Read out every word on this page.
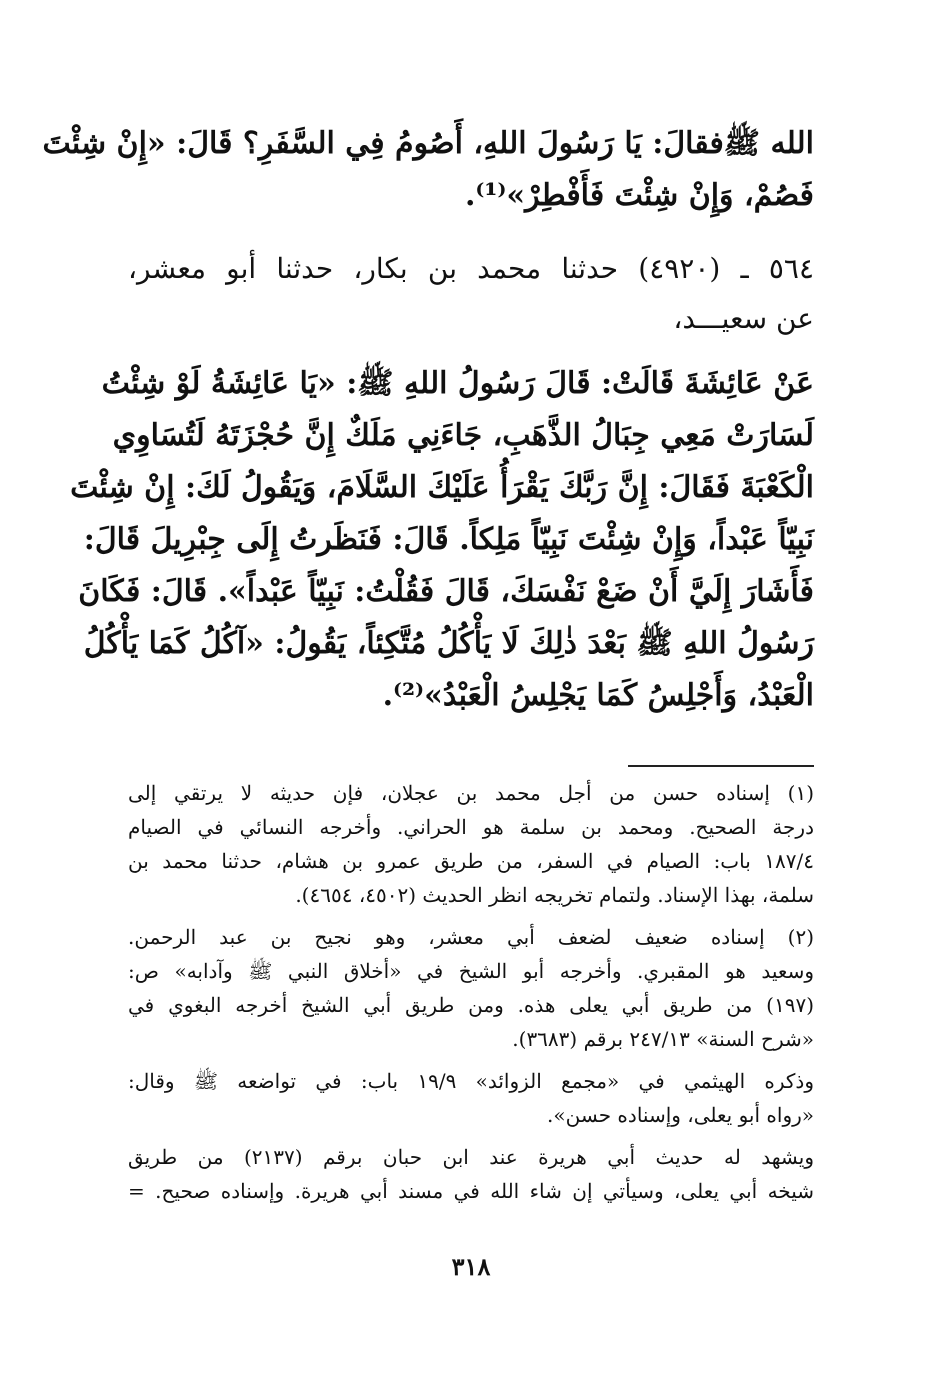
الله ﷺفقالَ: يَا رَسُولَ اللهِ، أَصُومُ فِي السَّفَرِ؟ قَالَ: «إِنْ شِئْتَ
فَصُمْ، وَإِنْ شِئْتَ فَأَفْطِرْ»⁽¹⁾.
٥٦٤ ـ (٤٩٢٠) حدثنا محمد بن بكار، حدثنا أبو معشر،
عن سعيـــد،
عَنْ عَائِشَةَ قَالَتْ: قَالَ رَسُولُ اللهِ ﷺ: «يَا عَائِشَةُ لَوْ شِئْتُ
لَسَارَتْ مَعِي جِبَالُ الذَّهَبِ، جَاءَنِي مَلَكٌ إِنَّ حُجْزَتَهُ لَتُسَاوِي
الْكَعْبَةَ فَقَالَ: إِنَّ رَبَّكَ يَقْرَأُ عَلَيْكَ السَّلَامَ، وَيَقُولُ لَكَ: إِنْ شِئْتَ
نَبِيّاً عَبْداً، وَإِنْ شِئْتَ نَبِيّاً مَلِكاً. قَالَ: فَنَظَرتُ إِلَى جِبْرِيلَ قَالَ:
فَأَشَارَ إِلَيَّ أَنْ ضَعْ نَفْسَكَ، قَالَ فَقُلْتُ: نَبِيّاً عَبْداً». قَالَ: فَكَانَ
رَسُولُ اللهِ ﷺ بَعْدَ ذٰلِكَ لَا يَأْكُلُ مُتَّكِئاً، يَقُولُ: «آكُلُ كَمَا يَأْكُلُ
الْعَبْدُ، وَأَجْلِسُ كَمَا يَجْلِسُ الْعَبْدُ»⁽²⁾.
(١) إسناده حسن من أجل محمد بن عجلان، فإن حديثه لا يرتقي إلى
درجة الصحيح. ومحمد بن سلمة هو الحراني. وأخرجه النسائي في الصيام
١٨٧/٤ باب: الصيام في السفر، من طريق عمرو بن هشام، حدثنا محمد بن
سلمة، بهذا الإسناد. ولتمام تخريجه انظر الحديث (٤٥٠٢، ٤٦٥٤).
(٢) إسناده ضعيف لضعف أبي معشر، وهو نجيح بن عبد الرحمن.
وسعيد هو المقبري. وأخرجه أبو الشيخ في «أخلاق النبي ﷺ وآدابه» ص:
(١٩٧) من طريق أبي يعلى هذه. ومن طريق أبي الشيخ أخرجه البغوي في
«شرح السنة» ٢٤٧/١٣ برقم (٣٦٨٣).
وذكره الهيثمي في «مجمع الزوائد» ١٩/٩ باب: في تواضعه ﷺ وقال:
«رواه أبو يعلى، وإسناده حسن».
ويشهد له حديث أبي هريرة عند ابن حبان برقم (٢١٣٧) من طريق
شيخه أبي يعلى، وسيأتي إن شاء الله في مسند أبي هريرة. وإسناده صحيح. =
٣١٨
